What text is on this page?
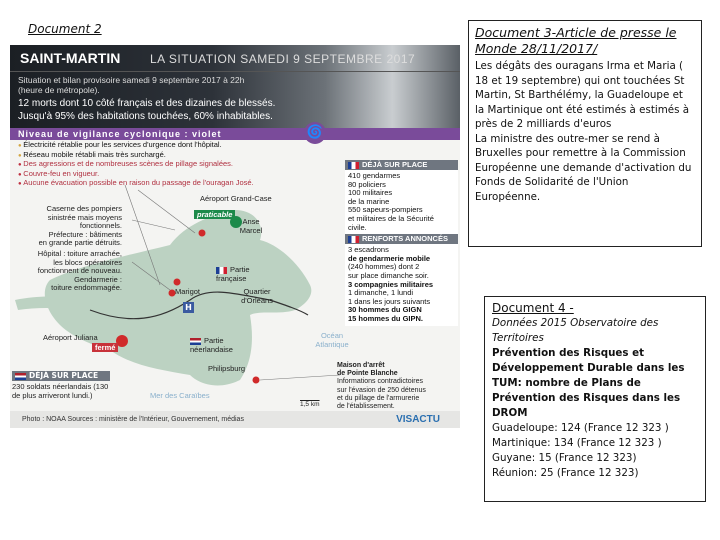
Document 2
SAINT-MARTIN LA SITUATION SAMEDI 9 SEPTEMBRE 2017
Situation et bilan provisoire samedi 9 septembre 2017 à 22h (heure de métropole).
12 morts dont 10 côté français et des dizaines de blessés.
Jusqu'à 95% des habitations touchées, 60% inhabitables.
Niveau de vigilance cyclonique : violet	🌀
● Électricité rétablie pour les services d'urgence dont l'hôpital.
● Réseau mobile rétabli mais très surchargé.
● Des agressions et de nombreuses scènes de pillage signalées.
● Couvre-feu en vigueur.
● Aucune évacuation possible en raison du passage de l'ouragan José.
Aéroport Grand-Case
praticable
Caserne des pompiers
sinistrée mais moyens
fonctionnels.
Préfecture : bâtiments
en grande partie détruits.
Hôpital : toiture arrachée,
les blocs opératoires
fonctionnent de nouveau.
Gendarmerie :
toiture endommagée.
Anse Marcel
Partie française
Marigot	Quartier d'Orléans
H
Aéroport Juliana
fermé
Partie néerlandaise
Philipsburg
Océan Atlantique
Mer des Caraïbes
1,5 km
Maison d'arrêt
de Pointe Blanche
Informations contradictoires
sur l'évasion de 250 détenus
et du pillage de l'armurerie
de l'établissement.
DÉJÀ SUR PLACE
230 soldats néerlandais (130 de plus arriveront lundi.)
DÉJÀ SUR PLACE
410 gendarmes
80 policiers
100 militaires
de la marine
550 sapeurs-pompiers
et militaires de la Sécurité
civile.
RENFORTS ANNONCÉS
3 escadrons
de gendarmerie mobile
(240 hommes) dont 2
sur place dimanche soir.
3 compagnies militaires
1 dimanche, 1 lundi
1 dans les jours suivants
30 hommes du GIGN
15 hommes du GIPN.
Photo : NOAA Sources : ministère de l'Intérieur, Gouvernement, médias	VISACTU
Document 3-Article de presse le Monde 28/11/2017/
Les dégâts des ouragans Irma et Maria ( 18 et 19 septembre) qui ont touchées St Martin, St Barthélémy, la Guadeloupe et la Martinique ont été estimés à estimés à près de 2 milliards d'euros
La ministre des outre-mer se rend à Bruxelles pour remettre à la Commission Européenne une demande d'activation du Fonds de Solidarité de l'Union Européenne.
Document 4 -
Données 2015 Observatoire des Territoires
Prévention des Risques et Développement Durable dans les TUM: nombre de Plans de Prévention des Risques dans les DROM
Guadeloupe: 124 (France 12 323 )
Martinique: 134 (France 12 323 )
Guyane: 15 (France 12 323)
Réunion: 25 (France 12 323)
